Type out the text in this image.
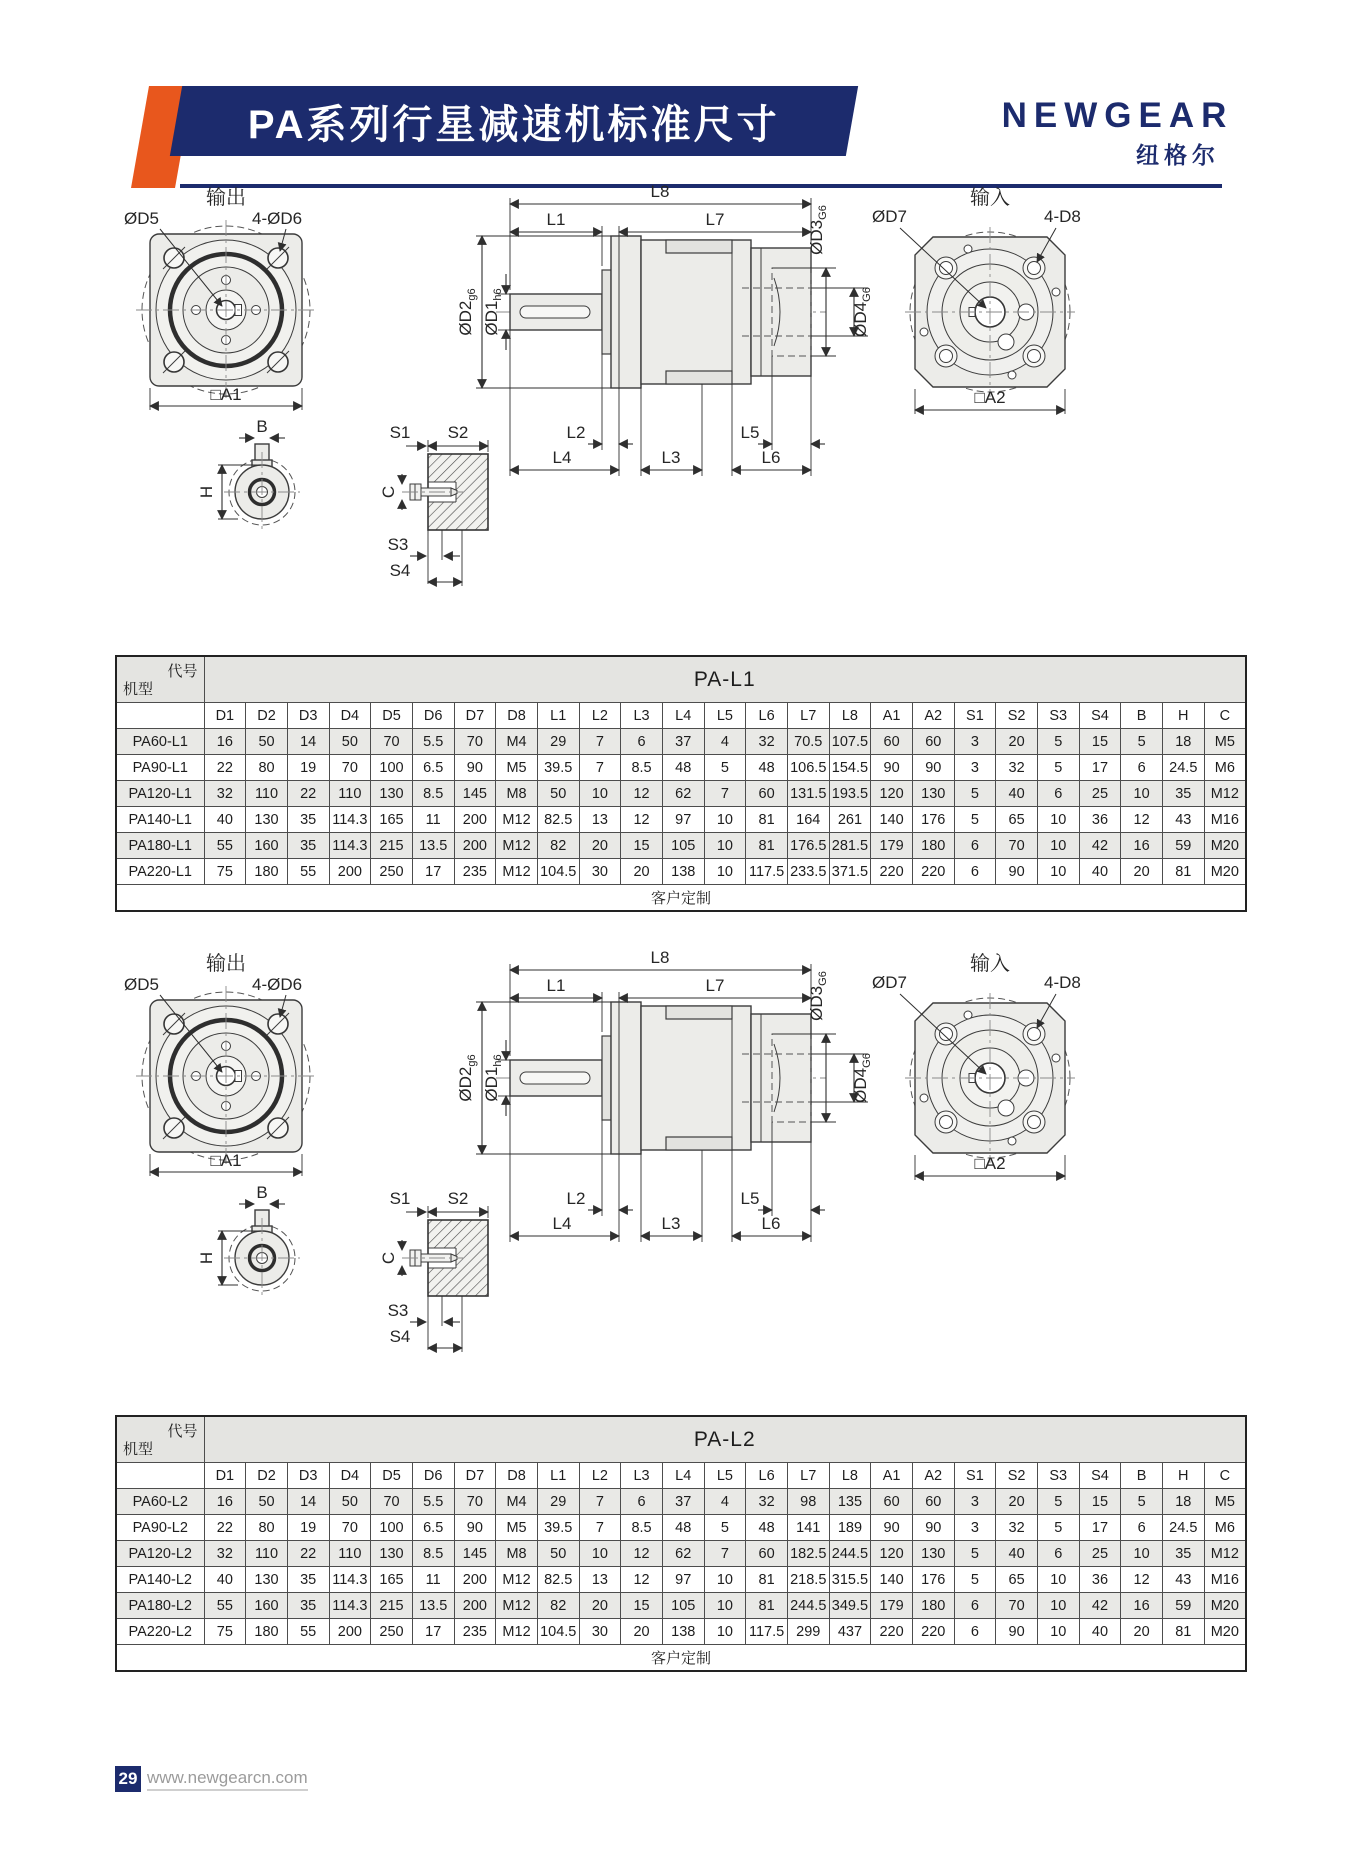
PA系列行星减速机标准尺寸	NEWGEAR
纽格尔
输出
ØD5	4-ØD6
□A1
B
H
L8
L1	L7
$ØD2_{g6}$
$ØD1_{h6}$
$ØD3_{G6}$
$ØD4_{G6}$
L2
L4	L3
L5
L6
S1 S2
C
S3
S4
输入
ØD7	4-D8
□A2
代号
机型	PA-L1																								
	D1	D2	D3	D4	D5	D6	D7	D8	L1	L2	L3	L4	L5	L6	L7	L8	A1	A2	S1	S2	S3	S4	B	H	C
PA60-L1	16	50	14	50	70	5.5	70	M4	29	7	6	37	4	32	70.5	107.5	60	60	3	20	5	15	5	18	M5
PA90-L1	22	80	19	70	100	6.5	90	M5	39.5	7	8.5	48	5	48	106.5	154.5	90	90	3	32	5	17	6	24.5	M6
PA120-L1	32	110	22	110	130	8.5	145	M8	50	10	12	62	7	60	131.5	193.5	120	130	5	40	6	25	10	35	M12
PA140-L1	40	130	35	114.3	165	11	200	M12	82.5	13	12	97	10	81	164	261	140	176	5	65	10	36	12	43	M16
PA180-L1	55	160	35	114.3	215	13.5	200	M12	82	20	15	105	10	81	176.5	281.5	179	180	6	70	10	42	16	59	M20
PA220-L1	75	180	55	200	250	17	235	M12	104.5	30	20	138	10	117.5	233.5	371.5	220	220	6	90	10	40	20	81	M20
客户定制																									
代号
机型	PA-L2																								
	D1	D2	D3	D4	D5	D6	D7	D8	L1	L2	L3	L4	L5	L6	L7	L8	A1	A2	S1	S2	S3	S4	B	H	C
PA60-L2	16	50	14	50	70	5.5	70	M4	29	7	6	37	4	32	98	135	60	60	3	20	5	15	5	18	M5
PA90-L2	22	80	19	70	100	6.5	90	M5	39.5	7	8.5	48	5	48	141	189	90	90	3	32	5	17	6	24.5	M6
PA120-L2	32	110	22	110	130	8.5	145	M8	50	10	12	62	7	60	182.5	244.5	120	130	5	40	6	25	10	35	M12
PA140-L2	40	130	35	114.3	165	11	200	M12	82.5	13	12	97	10	81	218.5	315.5	140	176	5	65	10	36	12	43	M16
PA180-L2	55	160	35	114.3	215	13.5	200	M12	82	20	15	105	10	81	244.5	349.5	179	180	6	70	10	42	16	59	M20
PA220-L2	75	180	55	200	250	17	235	M12	104.5	30	20	138	10	117.5	299	437	220	220	6	90	10	40	20	81	M20
客户定制																									
29 www.newgearcn.com
